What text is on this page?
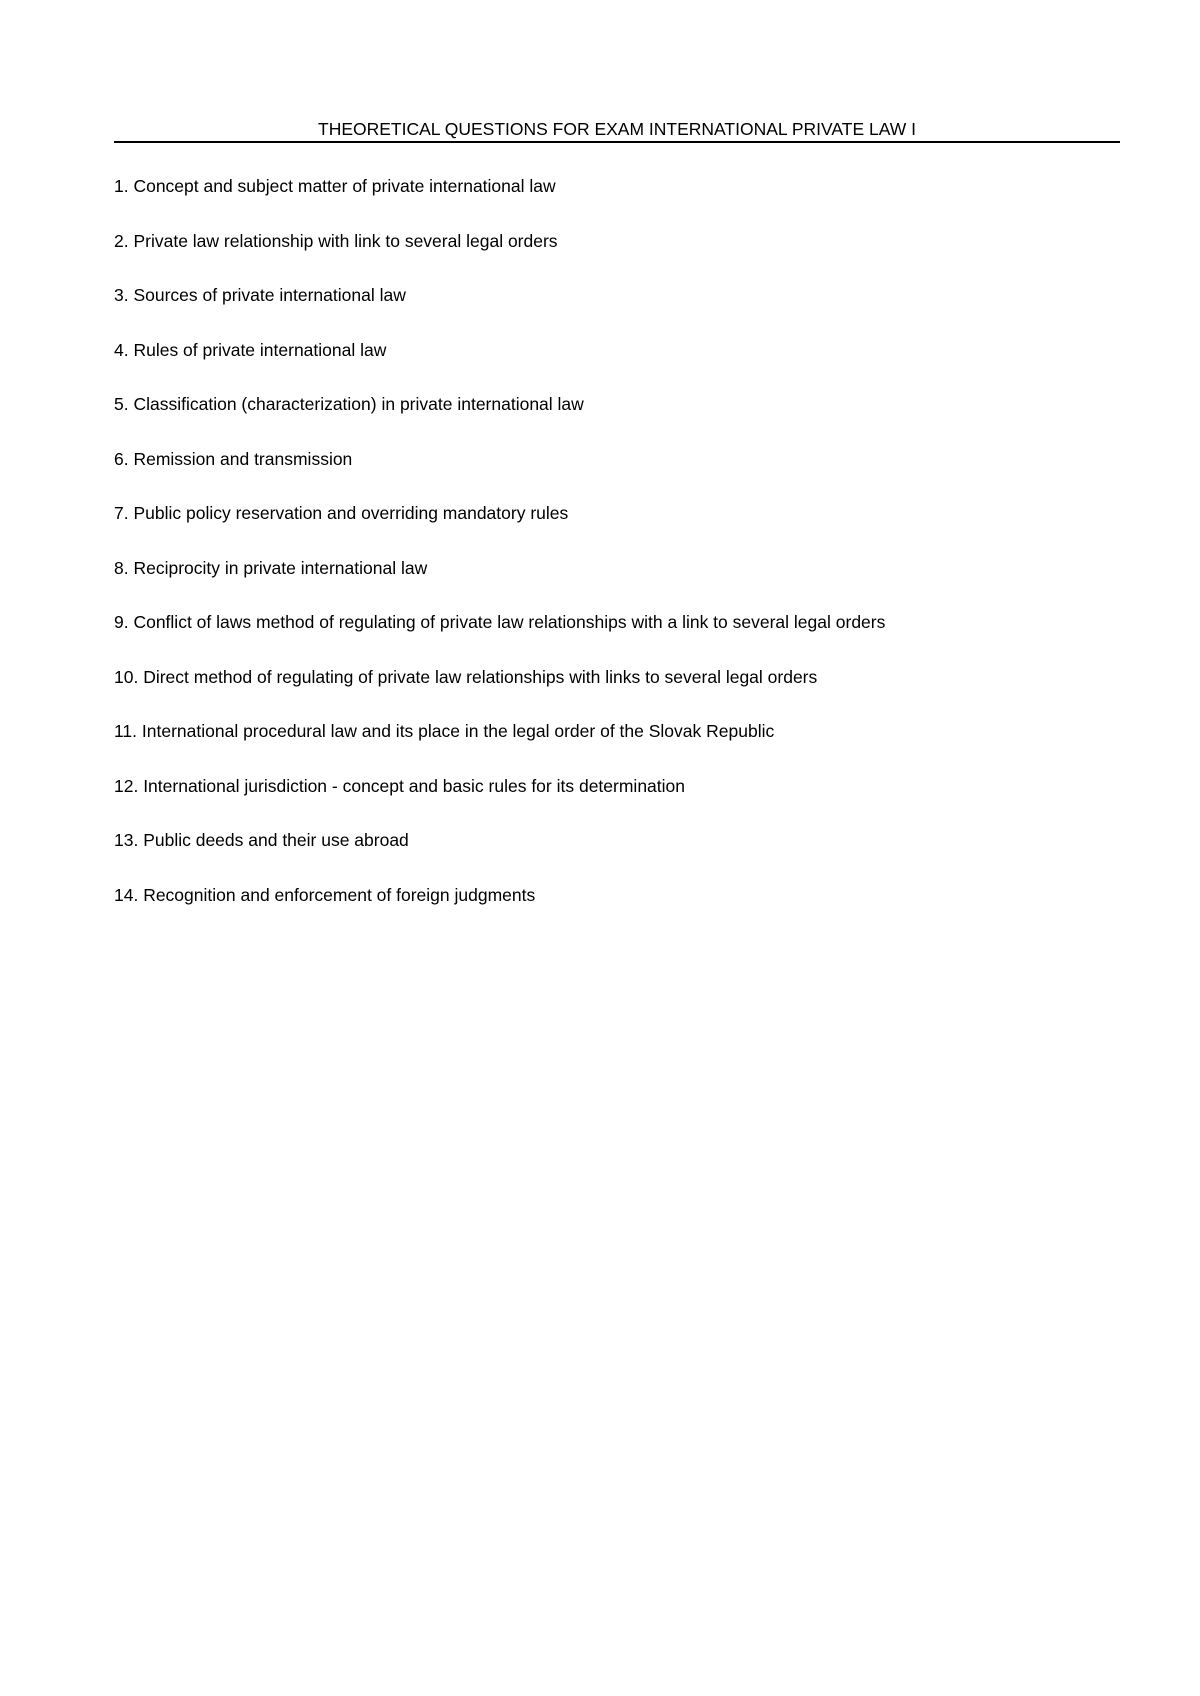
THEORETICAL QUESTIONS FOR EXAM INTERNATIONAL PRIVATE LAW I
1. Concept and subject matter of private international law
2. Private law relationship with link to several legal orders
3. Sources of private international law
4. Rules of private international law
5. Classification (characterization) in private international law
6. Remission and transmission
7. Public policy reservation and overriding mandatory rules
8. Reciprocity in private international law
9. Conflict of laws method of regulating of private law relationships with a link to several legal orders
10. Direct method of regulating of private law relationships with links to several legal orders
11. International procedural law and its place in the legal order of the Slovak Republic
12. International jurisdiction - concept and basic rules for its determination
13. Public deeds and their use abroad
14. Recognition and enforcement of foreign judgments
